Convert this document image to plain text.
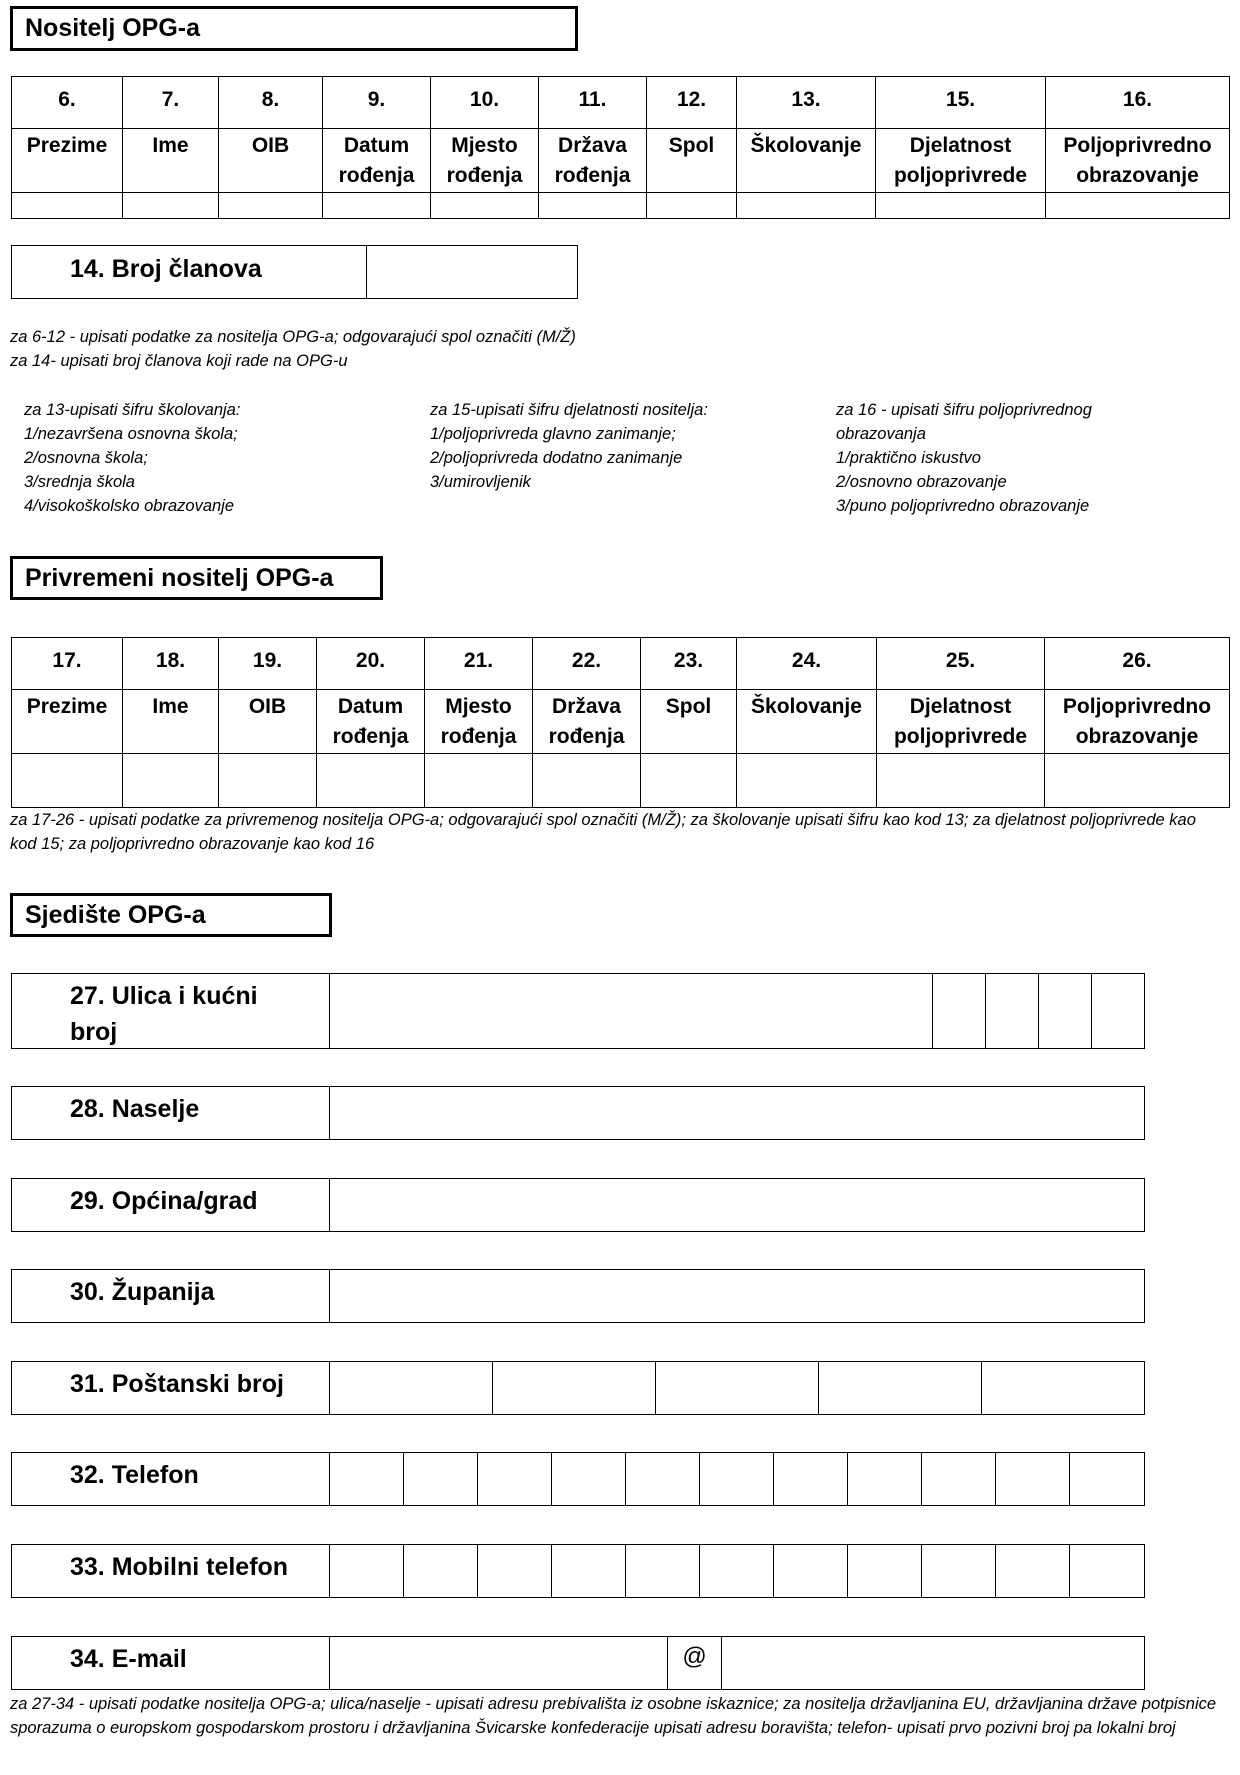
Nositelj OPG-a
6.	7.	8.	9.	10.	11.	12.	13.	15.	16.
Prezime	Ime	OIB	Datum rođenja	Mjesto rođenja	Država rođenja	Spol	Školovanje	Djelatnost poljoprivrede	Poljoprivredno obrazovanje

14. Broj članova
za 6-12 - upisati podatke za nositelja OPG-a; odgovarajući spol označiti (M/Ž)
za 14- upisati broj članova koji rade na OPG-u
za 13-upisati šifru školovanja:
1/nezavršena osnovna škola;
2/osnovna škola;
3/srednja škola
4/visokoškolsko obrazovanje
za 15-upisati šifru djelatnosti nositelja:
1/poljoprivreda glavno zanimanje;
2/poljoprivreda dodatno zanimanje
3/umirovljenik
za 16 - upisati šifru poljoprivrednog
obrazovanja
1/praktično iskustvo
2/osnovno obrazovanje
3/puno poljoprivredno obrazovanje
Privremeni nositelj OPG-a
17.	18.	19.	20.	21.	22.	23.	24.	25.	26.
Prezime	Ime	OIB	Datum rođenja	Mjesto rođenja	Država rođenja	Spol	Školovanje	Djelatnost poljoprivrede	Poljoprivredno obrazovanje

za 17-26 - upisati podatke za privremenog nositelja OPG-a; odgovarajući spol označiti (M/Ž); za školovanje upisati šifru kao kod 13; za djelatnost poljoprivrede kao kod 15; za poljoprivredno obrazovanje kao kod 16
Sjedište OPG-a
27. Ulica i kućni broj
28. Naselje
29. Općina/grad
30. Županija
31. Poštanski broj
32. Telefon
33. Mobilni telefon
34. E-mail	@
za 27-34 - upisati podatke nositelja OPG-a; ulica/naselje - upisati adresu prebivališta iz osobne iskaznice; za nositelja državljanina EU, državljanina države potpisnice sporazuma o europskom gospodarskom prostoru i državljanina Švicarske konfederacije upisati adresu boravišta; telefon- upisati prvo pozivni broj pa lokalni broj
